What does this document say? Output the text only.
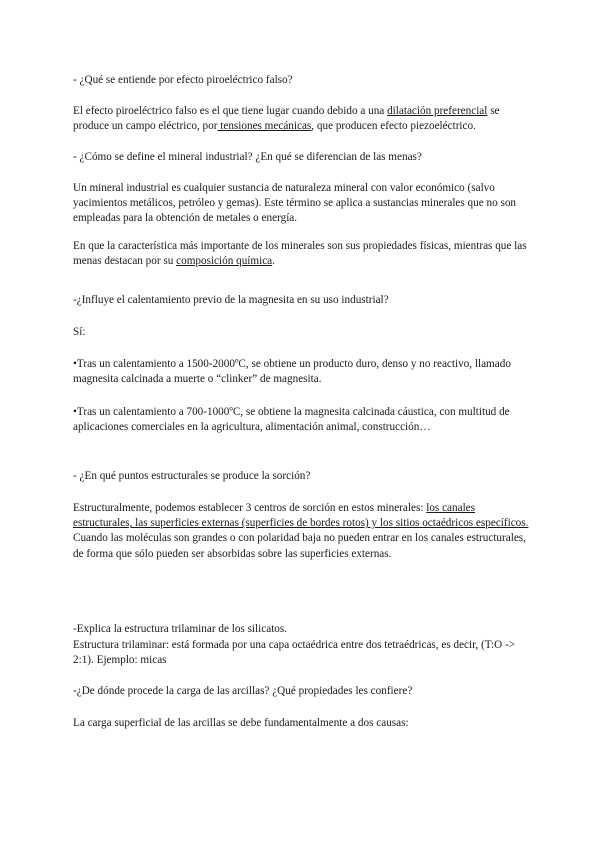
- ¿Qué se entiende por efecto piroeléctrico falso?

El efecto piroeléctrico falso es el que tiene lugar cuando debido a una dilatación preferencial se produce un campo eléctrico, por tensiones mecánicas, que producen efecto piezoeléctrico.

- ¿Cómo se define el mineral industrial? ¿En qué se diferencian de las menas?

Un mineral industrial es cualquier sustancia de naturaleza mineral con valor económico (salvo yacimientos metálicos, petróleo y gemas). Este término se aplica a sustancias minerales que no son empleadas para la obtención de metales o energía.

En que la característica más importante de los minerales son sus propiedades físicas, mientras que las menas destacan por su composición química.

-¿Influye el calentamiento previo de la magnesita en su uso industrial?

Sí:

•Tras un calentamiento a 1500-2000ºC, se obtiene un producto duro, denso y no reactivo, llamado magnesita calcinada a muerte o “clinker” de magnesita.

•Tras un calentamiento a 700-1000ºC, se obtiene la magnesita calcinada cáustica, con multitud de aplicaciones comerciales en la agricultura, alimentación animal, construcción…

- ¿En qué puntos estructurales se produce la sorción?

Estructuralmente, podemos establecer 3 centros de sorción en estos minerales: los canales estructurales, las superficies externas (superficies de bordes rotos) y los sitios octaédricos específicos. Cuando las moléculas son grandes o con polaridad baja no pueden entrar en los canales estructurales, de forma que sólo pueden ser absorbidas sobre las superficies externas.

-Explica la estructura trilaminar de los silicatos.

Estructura trilaminar: está formada por una capa octaédrica entre dos tetraédricas, es decir, (T:O -> 2:1). Ejemplo: micas

-¿De dónde procede la carga de las arcillas? ¿Qué propiedades les confiere?

La carga superficial de las arcillas se debe fundamentalmente a dos causas:
